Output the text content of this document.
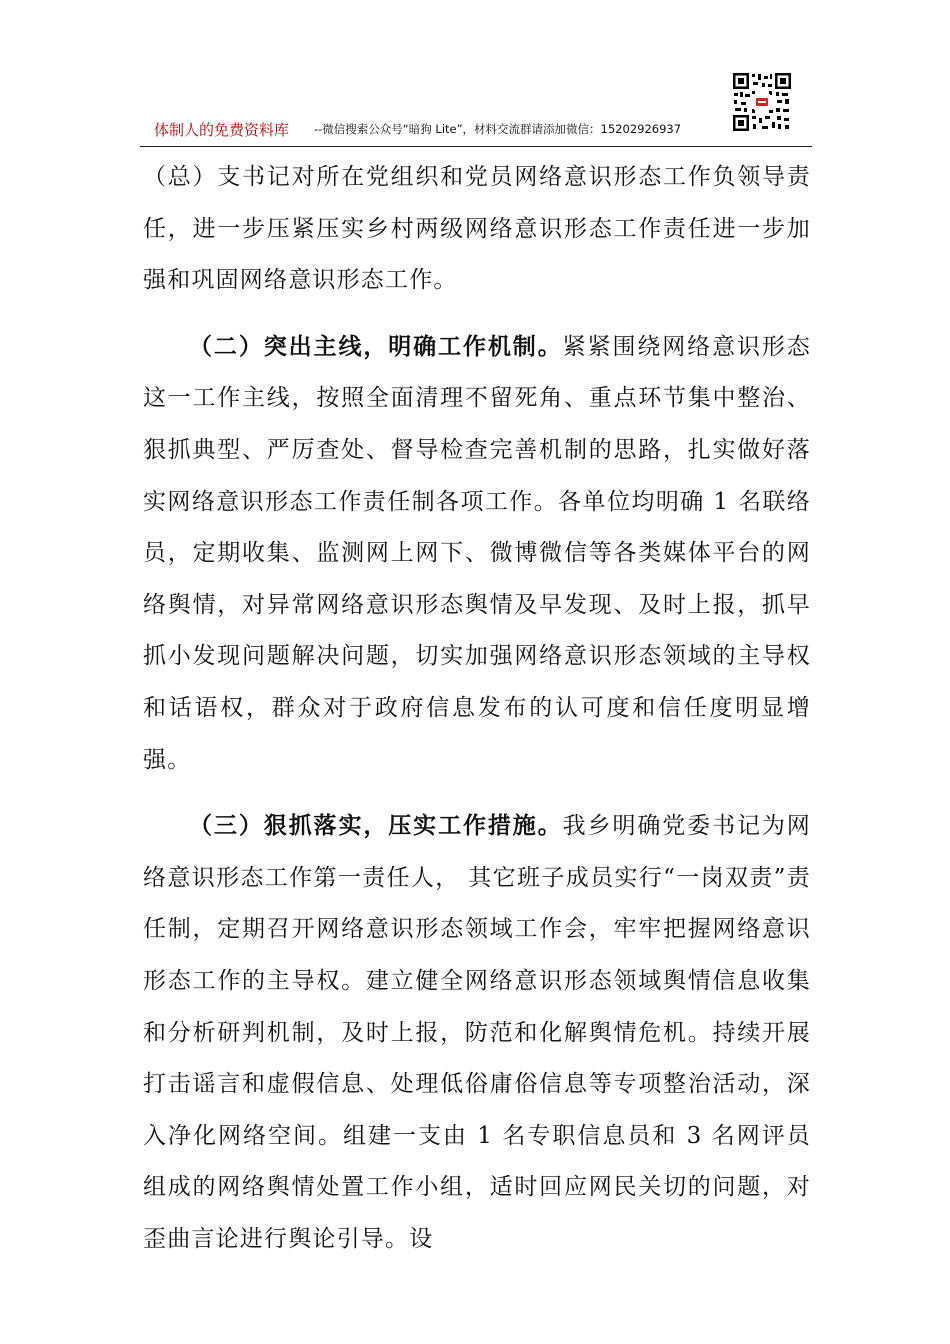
体制人的免费资料库 --微信搜索公众号“暗狗 Lite”，材料交流群请添加微信：15202926937

（总）支书记对所在党组织和党员网络意识形态工作负领导责任，进一步压紧压实乡村两级网络意识形态工作责任进一步加强和巩固网络意识形态工作。

（二）突出主线，明确工作机制。紧紧围绕网络意识形态这一工作主线，按照全面清理不留死角、重点环节集中整治、狠抓典型、严厉查处、督导检查完善机制的思路，扎实做好落实网络意识形态工作责任制各项工作。各单位均明确 1 名联络员，定期收集、监测网上网下、微博微信等各类媒体平台的网络舆情，对异常网络意识形态舆情及早发现、及时上报，抓早抓小发现问题解决问题，切实加强网络意识形态领域的主导权和话语权，群众对于政府信息发布的认可度和信任度明显增强。

（三）狠抓落实，压实工作措施。我乡明确党委书记为网络意识形态工作第一责任人， 其它班子成员实行“一岗双责”责任制，定期召开网络意识形态领域工作会，牢牢把握网络意识形态工作的主导权。建立健全网络意识形态领域舆情信息收集和分析研判机制，及时上报，防范和化解舆情危机。持续开展打击谣言和虚假信息、处理低俗庸俗信息等专项整治活动，深入净化网络空间。组建一支由 1 名专职信息员和 3 名网评员组成的网络舆情处置工作小组，适时回应网民关切的问题，对歪曲言论进行舆论引导。设
